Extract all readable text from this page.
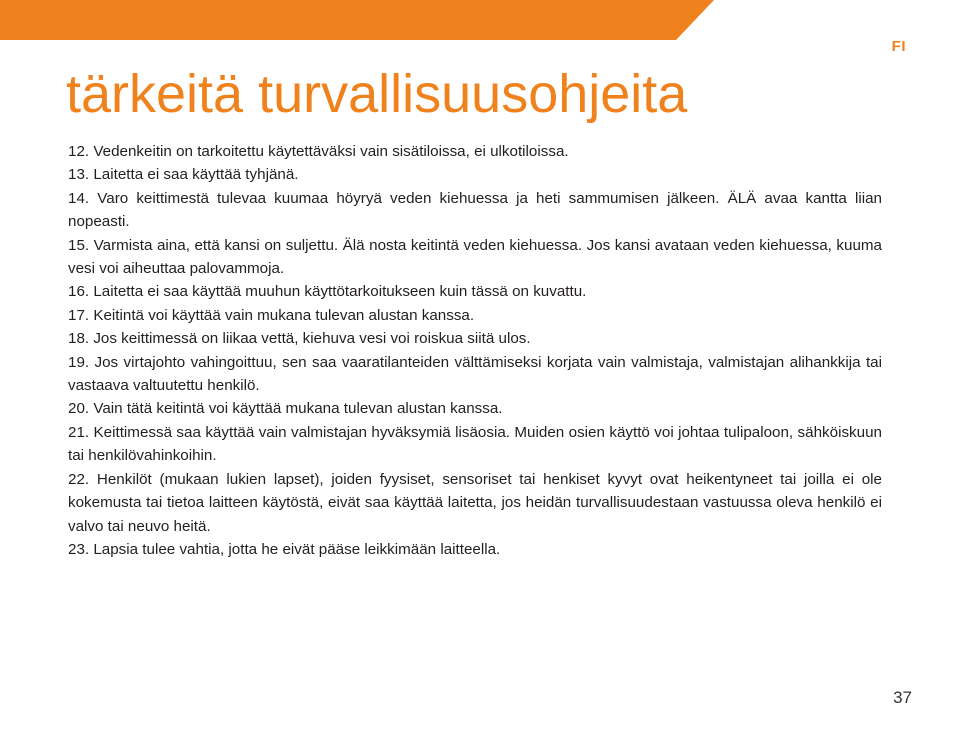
FI
tärkeitä turvallisuusohjeita
12. Vedenkeitin on tarkoitettu käytettäväksi vain sisätiloissa, ei ulkotiloissa.
13. Laitetta ei saa käyttää tyhjänä.
14. Varo keittimestä tulevaa kuumaa höyryä veden kiehuessa ja heti sammumisen jälkeen. ÄLÄ avaa kantta liian nopeasti.
15. Varmista aina, että kansi on suljettu. Älä nosta keitintä veden kiehuessa. Jos kansi avataan veden kiehuessa, kuuma vesi voi aiheuttaa palovammoja.
16. Laitetta ei saa käyttää muuhun käyttötarkoitukseen kuin tässä on kuvattu.
17. Keitintä voi käyttää vain mukana tulevan alustan kanssa.
18. Jos keittimessä on liikaa vettä, kiehuva vesi voi roiskua siitä ulos.
19. Jos virtajohto vahingoittuu, sen saa vaaratilanteiden välttämiseksi korjata vain valmistaja, valmistajan alihankkija tai vastaava valtuutettu henkilö.
20. Vain tätä keitintä voi käyttää mukana tulevan alustan kanssa.
21. Keittimessä saa käyttää vain valmistajan hyväksymiä lisäosia. Muiden osien käyttö voi johtaa tulipaloon, sähköiskuun tai henkilövahinkoihin.
22. Henkilöt (mukaan lukien lapset), joiden fyysiset, sensoriset tai henkiset kyvyt ovat heikentyneet tai joilla ei ole kokemusta tai tietoa laitteen käytöstä, eivät saa käyttää laitetta, jos heidän turvallisuudestaan vastuussa oleva henkilö ei valvo tai neuvo heitä.
23. Lapsia tulee vahtia, jotta he eivät pääse leikkimään laitteella.
37
